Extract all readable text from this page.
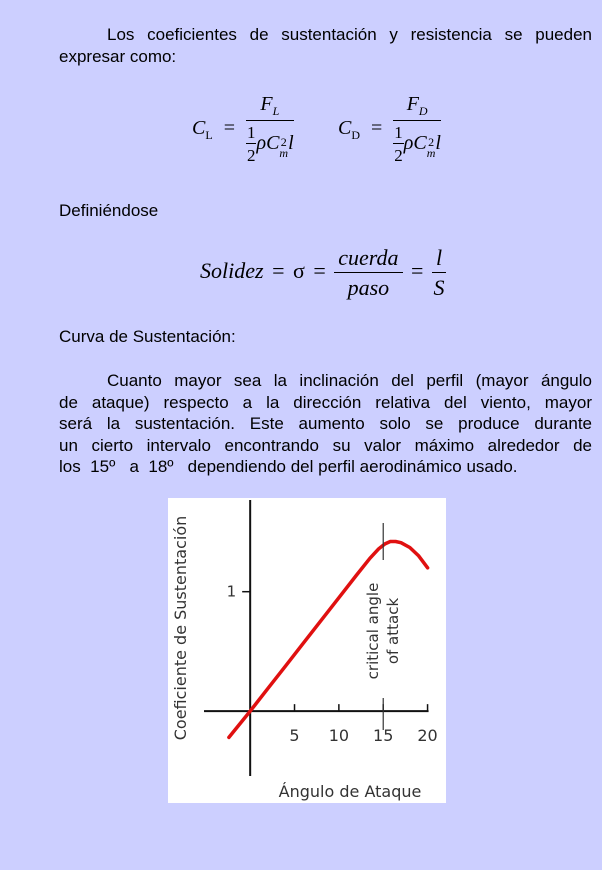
Los coeficientes de sustentación y resistencia se pueden
expresar como:
$C_L = F_L$
$\frac{1}{2}$ ρC 2
m l $C_D = F_D$
$\frac{1}{2}$ ρC 2
m l
Definiéndose
Solidez = $\sigma = \frac{\text{cuerda}}{\text{paso}} = \frac{l}{S}$
Curva de Sustentación:
Cuanto mayor sea la inclinación del perfil (mayor ángulo
de ataque) respecto a la dirección relativa del viento, mayor
será la sustentación. Este aumento solo se produce durante
un cierto intervalo encontrando su valor máximo alrededor de
los  15º   a  18º   dependiendo del perfil aerodinámico usado.
5 10 15 20
1	critical angle of attack
Coeficiente de Sustentación
Ángulo de Ataque
